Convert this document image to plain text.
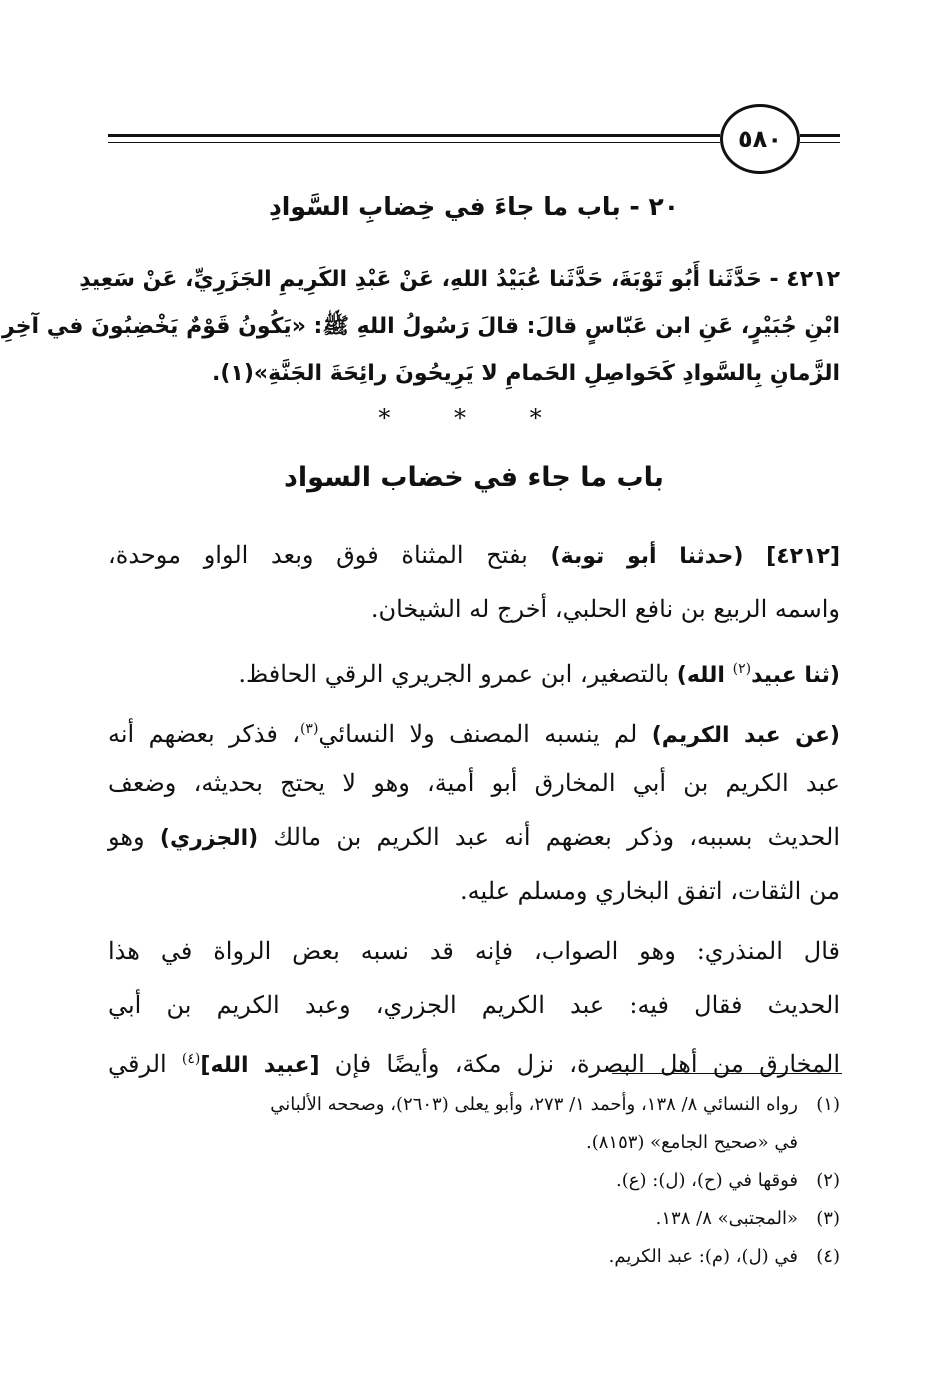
٥٨٠
٢٠ - باب ما جاءَ في خِضابِ السَّوادِ
٤٢١٢ - حَدَّثَنا أَبُو تَوْبَةَ، حَدَّثَنا عُبَيْدُ اللهِ، عَنْ عَبْدِ الكَرِيمِ الجَزَرِيِّ، عَنْ سَعِيدِ
ابْنِ جُبَيْرٍ، عَنِ ابن عَبّاسٍ قالَ: قالَ رَسُولُ اللهِ ﷺ: «يَكُونُ قَوْمٌ يَخْضِبُونَ في آخِرِ
الزَّمانِ بِالسَّوادِ كَحَواصِلِ الحَمامِ لا يَرِيحُونَ رائِحَةَ الجَنَّةِ»(١).
* * *
باب ما جاء في خضاب السواد
[٤٢١٢] (حدثنا أبو توبة) بفتح المثناة فوق وبعد الواو موحدة،
واسمه الربيع بن نافع الحلبي، أخرج له الشيخان.
(ثنا عبيد$^{(٢)}$ الله) بالتصغير، ابن عمرو الجريري الرقي الحافظ.
(عن عبد الكريم) لم ينسبه المصنف ولا النسائي$^{(٣)}$، فذكر بعضهم أنه
عبد الكريم بن أبي المخارق أبو أمية، وهو لا يحتج بحديثه، وضعف
الحديث بسببه، وذكر بعضهم أنه عبد الكريم بن مالك (الجزري) وهو
من الثقات، اتفق البخاري ومسلم عليه.
قال المنذري: وهو الصواب، فإنه قد نسبه بعض الرواة في هذا
الحديث فقال فيه: عبد الكريم الجزري، وعبد الكريم بن أبي
المخارق من أهل البصرة، نزل مكة، وأيضًا فإن [عبيد الله]$^{(٤)}$ الرقي
(١)رواه النسائي ٨/ ١٣٨، وأحمد ١/ ٢٧٣، وأبو يعلى (٢٦٠٣)، وصححه الألباني
في «صحيح الجامع» (٨١٥٣).
(٢)فوقها في (ح)، (ل): (ع).
(٣)«المجتبى» ٨/ ١٣٨.
(٤)في (ل)، (م): عبد الكريم.
